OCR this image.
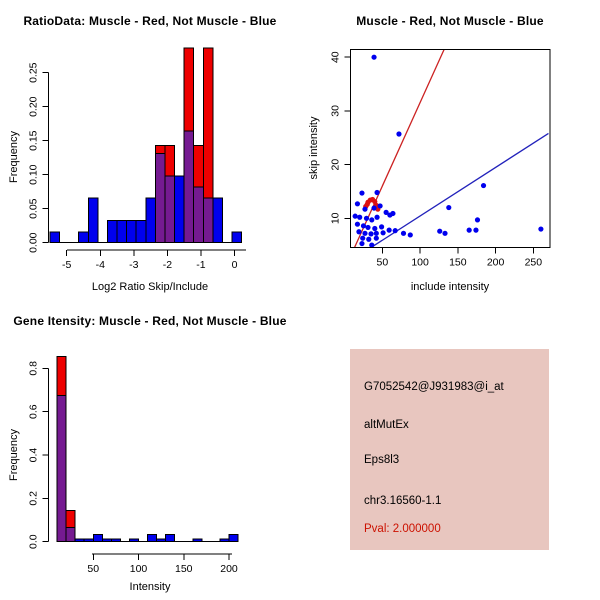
RatioData: Muscle - Red, Not Muscle - Blue
Frequency
Log2 Ratio Skip/Include
-5 -4 -3 -2 -1 0
0.00
0.05
0.10
0.15
0.20
0.25
Muscle - Red, Not Muscle - Blue
skip intensity
include intensity
50 100 150 200 250
10
20
30
40
Gene Itensity: Muscle - Red, Not Muscle - Blue
Frequency
Intensity
50	100	150	200
0.0
0.2
0.4
0.6
0.8
G7052542@J931983@i_at
altMutEx
Eps8l3
chr3.16560-1.1
Pval: 2.000000
